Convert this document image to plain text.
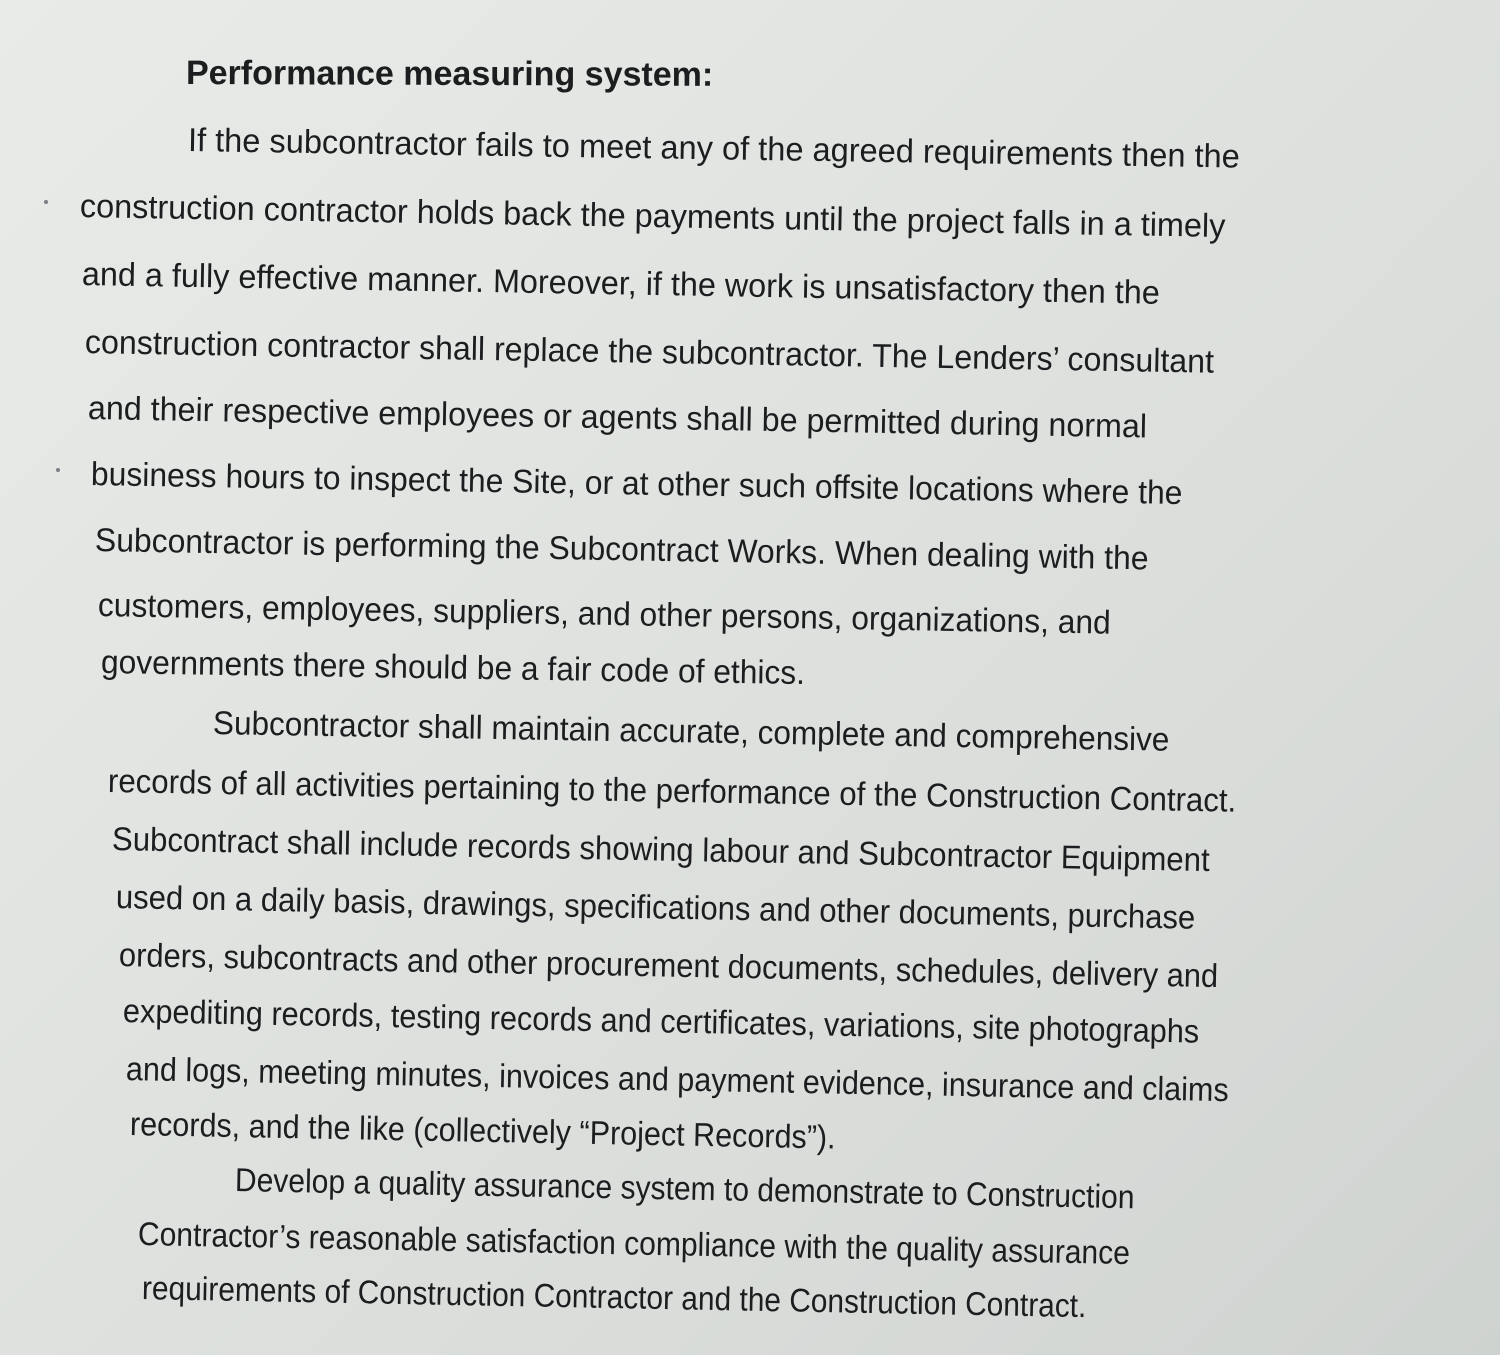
Performance measuring system:
If the subcontractor fails to meet any of the agreed requirements then the
construction contractor holds back the payments until the project falls in a timely
and a fully effective manner. Moreover, if the work is unsatisfactory then the
construction contractor shall replace the subcontractor. The Lenders’ consultant
and their respective employees or agents shall be permitted during normal
business hours to inspect the Site, or at other such offsite locations where the
Subcontractor is performing the Subcontract Works. When dealing with the
customers, employees, suppliers, and other persons, organizations, and
governments there should be a fair code of ethics.
Subcontractor shall maintain accurate, complete and comprehensive
records of all activities pertaining to the performance of the Construction Contract.
Subcontract shall include records showing labour and Subcontractor Equipment
used on a daily basis, drawings, specifications and other documents, purchase
orders, subcontracts and other procurement documents, schedules, delivery and
expediting records, testing records and certificates, variations, site photographs
and logs, meeting minutes, invoices and payment evidence, insurance and claims
records, and the like (collectively “Project Records”).
Develop a quality assurance system to demonstrate to Construction
Contractor’s reasonable satisfaction compliance with the quality assurance
requirements of Construction Contractor and the Construction Contract.
